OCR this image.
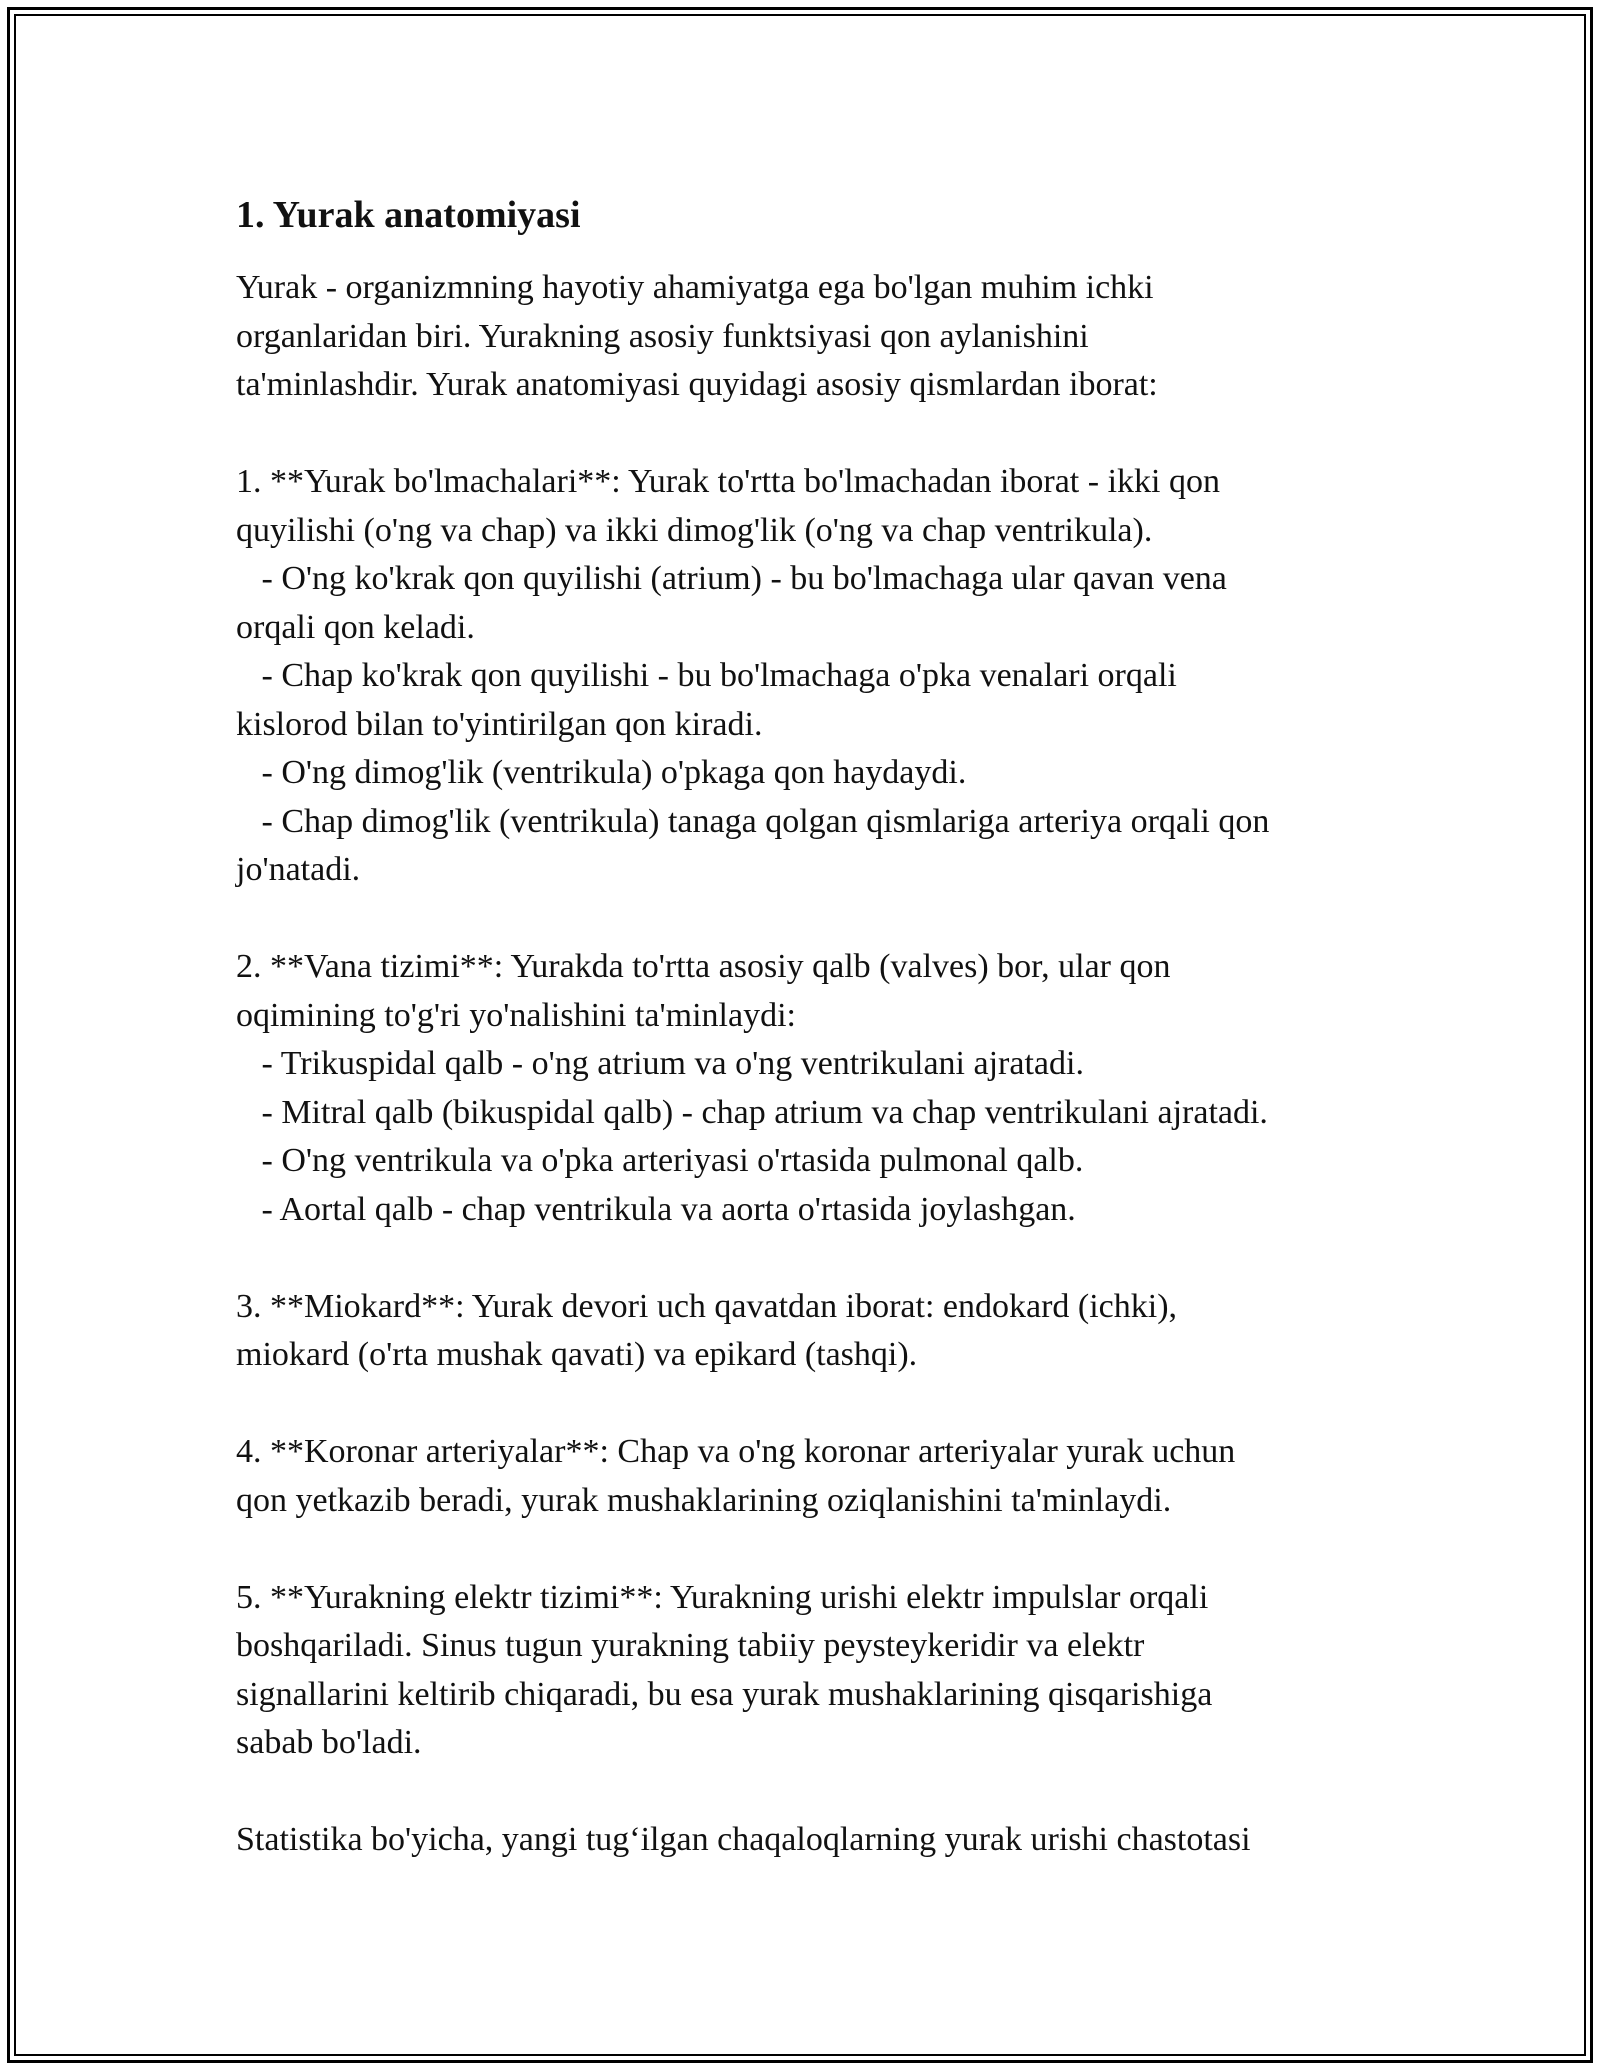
1. Yurak anatomiyasi
Yurak - organizmning hayotiy ahamiyatga ega bo'lgan muhim ichki
organlaridan biri. Yurakning asosiy funktsiyasi qon aylanishini
ta'minlashdir. Yurak anatomiyasi quyidagi asosiy qismlardan iborat:
1. **Yurak bo'lmachalari**: Yurak to'rtta bo'lmachadan iborat - ikki qon
quyilishi (o'ng va chap) va ikki dimog'lik (o'ng va chap ventrikula).
- O'ng ko'krak qon quyilishi (atrium) - bu bo'lmachaga ular qavan vena
orqali qon keladi.
- Chap ko'krak qon quyilishi - bu bo'lmachaga o'pka venalari orqali
kislorod bilan to'yintirilgan qon kiradi.
- O'ng dimog'lik (ventrikula) o'pkaga qon haydaydi.
- Chap dimog'lik (ventrikula) tanaga qolgan qismlariga arteriya orqali qon
jo'natadi.
2. **Vana tizimi**: Yurakda to'rtta asosiy qalb (valves) bor, ular qon
oqimining to'g'ri yo'nalishini ta'minlaydi:
- Trikuspidal qalb - o'ng atrium va o'ng ventrikulani ajratadi.
- Mitral qalb (bikuspidal qalb) - chap atrium va chap ventrikulani ajratadi.
- O'ng ventrikula va o'pka arteriyasi o'rtasida pulmonal qalb.
- Aortal qalb - chap ventrikula va aorta o'rtasida joylashgan.
3. **Miokard**: Yurak devori uch qavatdan iborat: endokard (ichki),
miokard (o'rta mushak qavati) va epikard (tashqi).
4. **Koronar arteriyalar**: Chap va o'ng koronar arteriyalar yurak uchun
qon yetkazib beradi, yurak mushaklarining oziqlanishini ta'minlaydi.
5. **Yurakning elektr tizimi**: Yurakning urishi elektr impulslar orqali
boshqariladi. Sinus tugun yurakning tabiiy peysteykeridir va elektr
signallarini keltirib chiqaradi, bu esa yurak mushaklarining qisqarishiga
sabab bo'ladi.
Statistika bo'yicha, yangi tug‘ilgan chaqaloqlarning yurak urishi chastotasi
